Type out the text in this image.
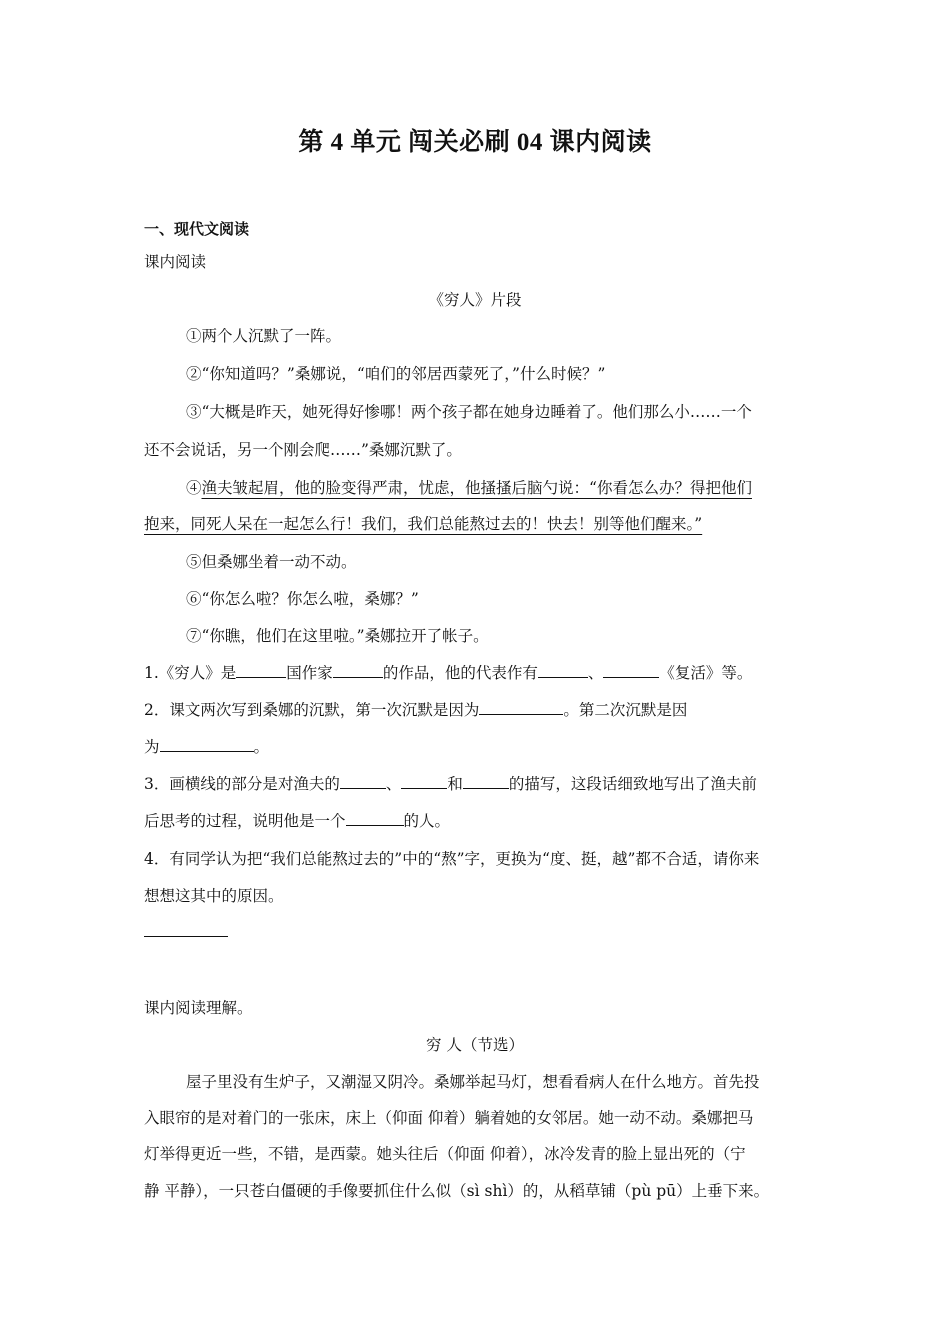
第 4 单元 闯关必刷 04 课内阅读
一、现代文阅读
课内阅读
《穷人》片段
①两个人沉默了一阵。
②“你知道吗？”桑娜说，“咱们的邻居西蒙死了，”什么时候？”
③“大概是昨天，她死得好惨哪！两个孩子都在她身边睡着了。他们那么小……一个
还不会说话，另一个刚会爬……”桑娜沉默了。
④渔夫皱起眉，他的脸变得严肃，忧虑，他搔搔后脑勺说：“你看怎么办？得把他们
抱来，同死人呆在一起怎么行！我们，我们总能熬过去的！快去！别等他们醒来。”
⑤但桑娜坐着一动不动。
⑥“你怎么啦？你怎么啦，桑娜？”
⑦“你瞧，他们在这里啦。”桑娜拉开了帐子。
1.《穷人》是	国作家	的作品，他的代表作有	、	《复活》等。
2．课文两次写到桑娜的沉默，第一次沉默是因为	。第二次沉默是因
为	。
3．画横线的部分是对渔夫的	、	和	的描写，这段话细致地写出了渔夫前
后思考的过程，说明他是一个	的人。
4．有同学认为把“我们总能熬过去的”中的“熬”字，更换为“度、挺，越”都不合适，请你来
想想这其中的原因。
课内阅读理解。
穷 人（节选）
屋子里没有生炉子，又潮湿又阴冷。桑娜举起马灯，想看看病人在什么地方。首先投
入眼帘的是对着门的一张床，床上（仰面 仰着）躺着她的女邻居。她一动不动。桑娜把马
灯举得更近一些，不错，是西蒙。她头往后（仰面 仰着），冰冷发青的脸上显出死的（宁
静 平静），一只苍白僵硬的手像要抓住什么似（sì shì）的，从稻草铺（pù pū）上垂下来。
